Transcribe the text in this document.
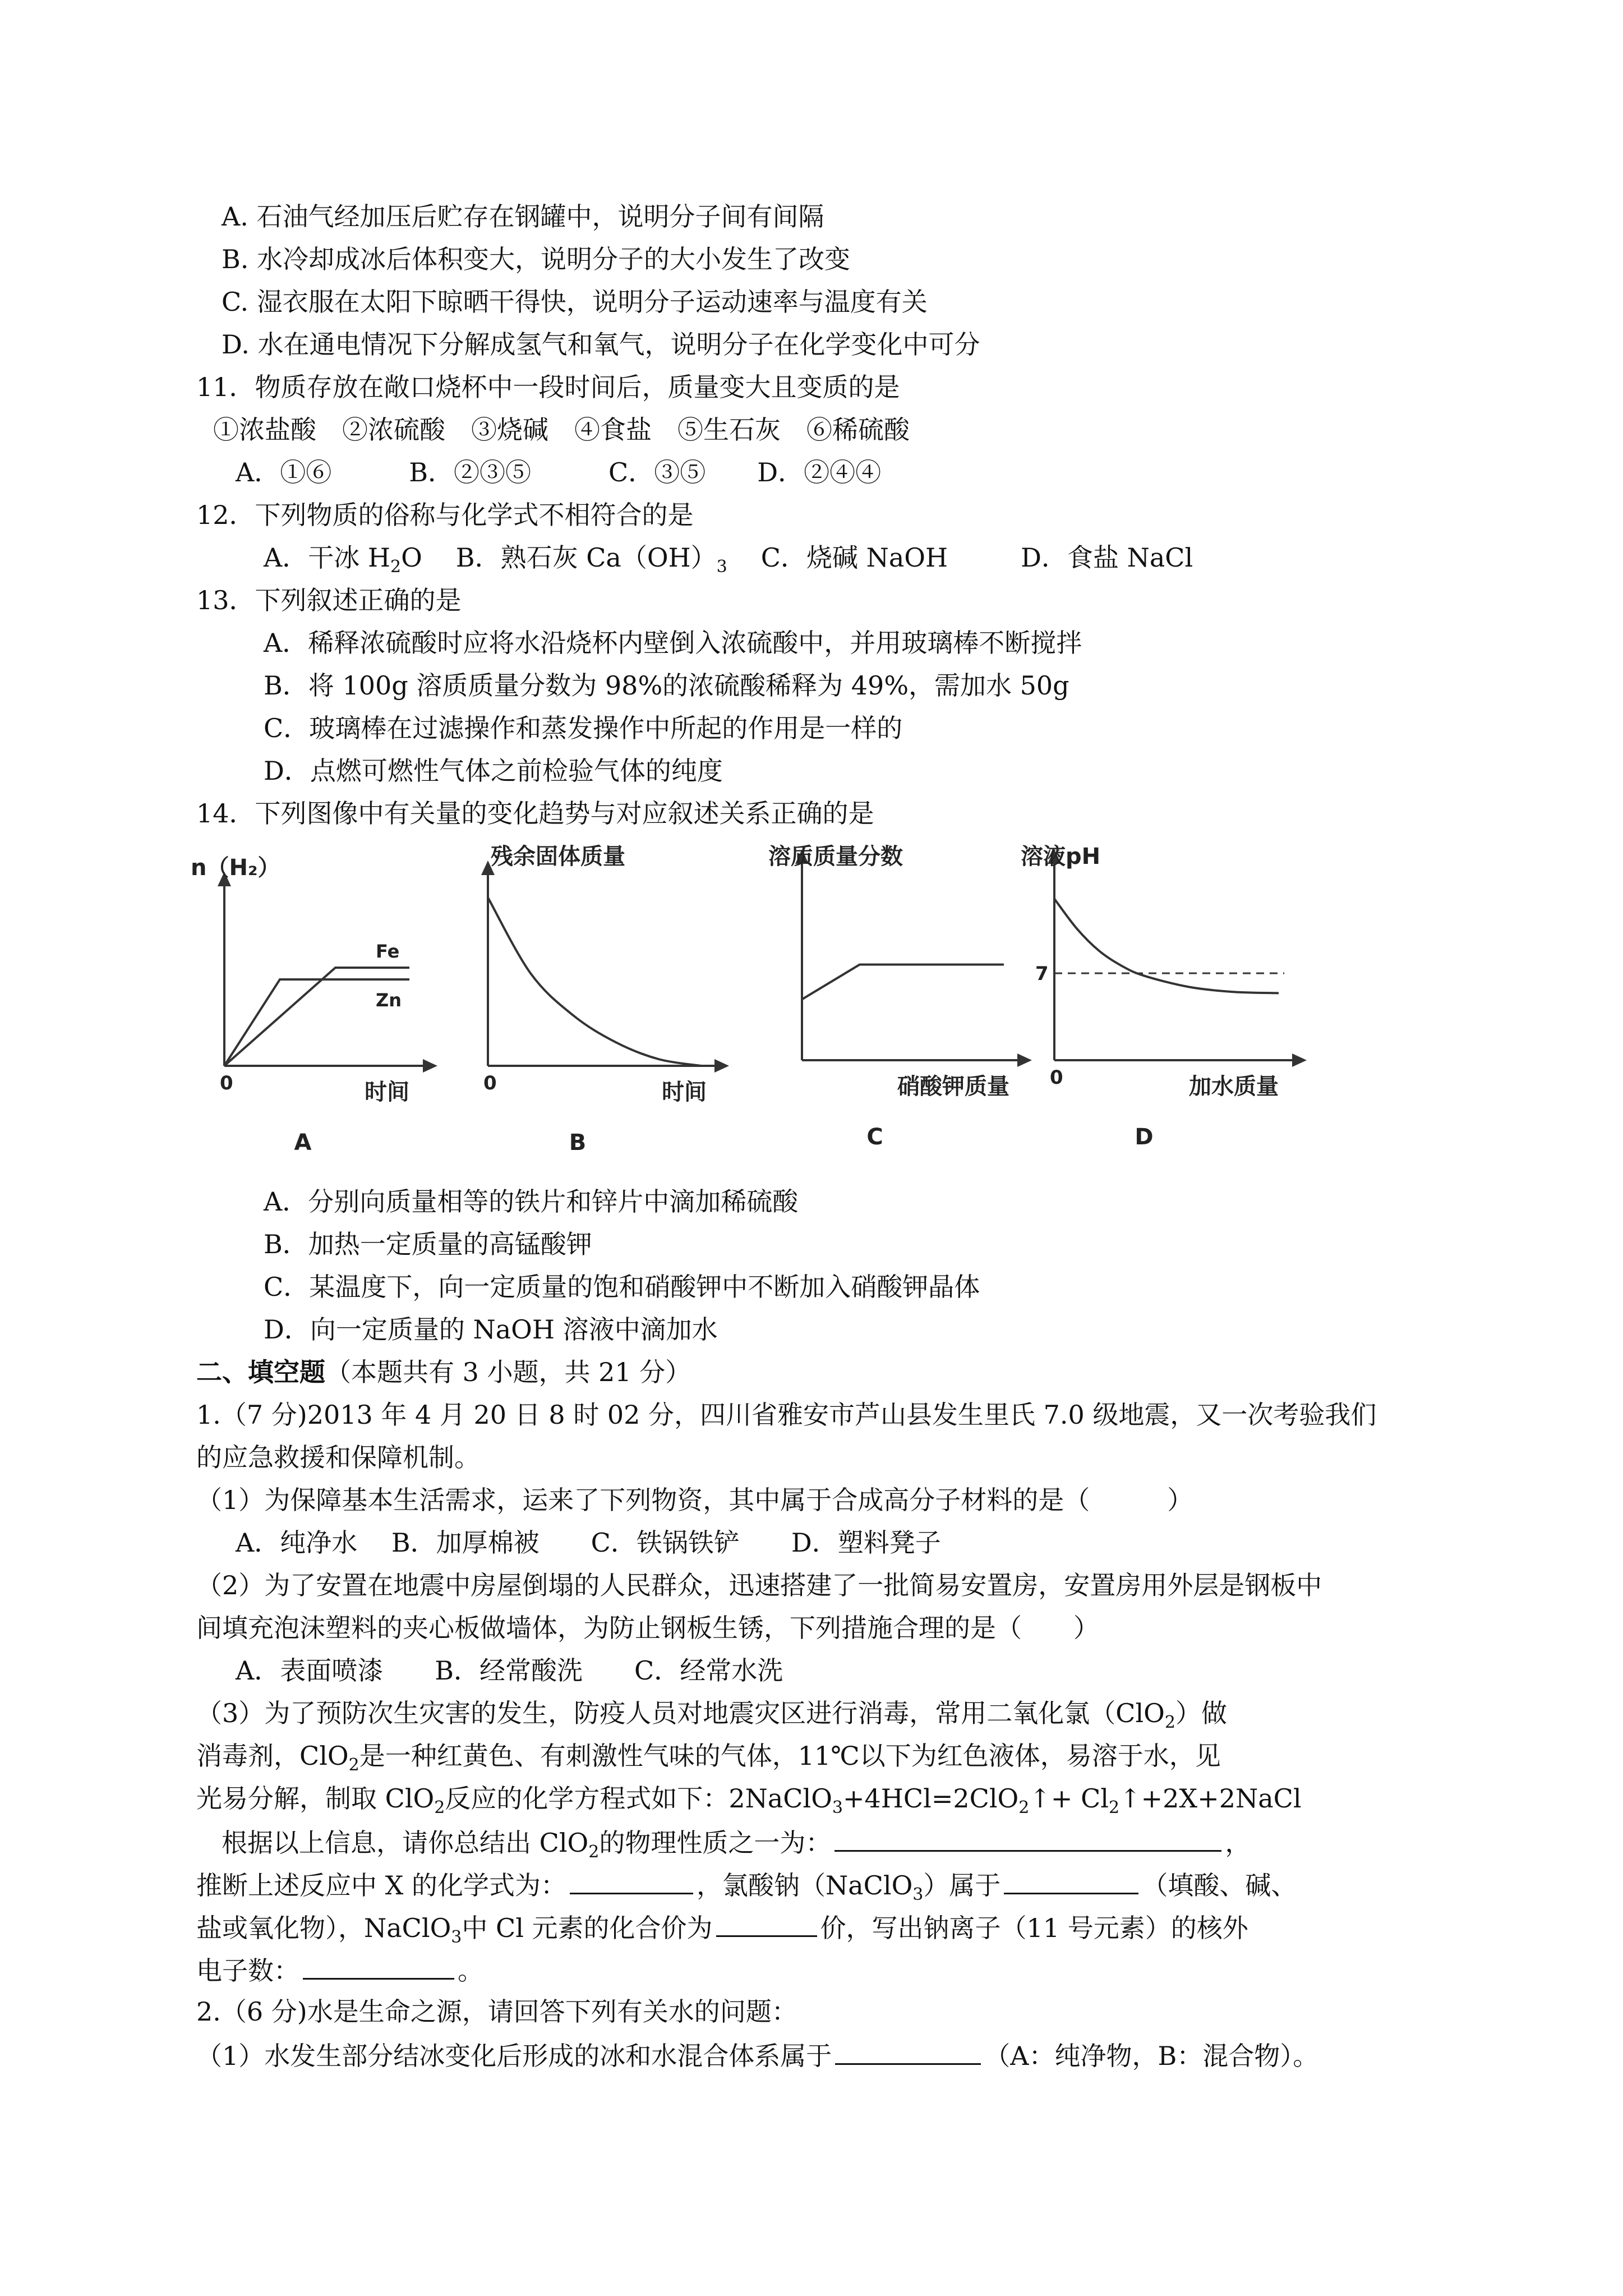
A. 石油气经加压后贮存在钢罐中，说明分子间有间隔
B. 水冷却成冰后体积变大，说明分子的大小发生了改变
C. 湿衣服在太阳下晾晒干得快，说明分子运动速率与温度有关
D. 水在通电情况下分解成氢气和氧气，说明分子在化学变化中可分
11．物质存放在敞口烧杯中一段时间后，质量变大且变质的是
①浓盐酸　②浓硫酸　③烧碱　④食盐　⑤生石灰　⑥稀硫酸
A．①⑥　　　B．②③⑤　　　C．③⑤　　D．②④④
12．下列物质的俗称与化学式不相符合的是
A．干冰 $H_2O$ B．熟石灰 $Ca(OH)_3$ C．烧碱 NaOH	D．食盐 NaCl
13．下列叙述正确的是
A．稀释浓硫酸时应将水沿烧杯内壁倒入浓硫酸中，并用玻璃棒不断搅拌
B．将 100g 溶质质量分数为 98%的浓硫酸稀释为 49%，需加水 50g
C．玻璃棒在过滤操作和蒸发操作中所起的作用是一样的
D．点燃可燃性气体之前检验气体的纯度
14．下列图像中有关量的变化趋势与对应叙述关系正确的是
n（H₂）
时间
0
A
Fe
Zn
残余固体质量
时间
0
B
溶质质量分数
硝酸钾质量
C
溶液pH
加水质量
0
D
7
A．分别向质量相等的铁片和锌片中滴加稀硫酸
B．加热一定质量的高锰酸钾
C．某温度下，向一定质量的饱和硝酸钾中不断加入硝酸钾晶体
D．向一定质量的 NaOH 溶液中滴加水
二、填空题（本题共有 3 小题，共 21 分）
1.（7 分)2013 年 4 月 20 日 8 时 02 分，四川省雅安市芦山县发生里氏 7.0 级地震，又一次考验我们
的应急救援和保障机制。
（1）为保障基本生活需求，运来了下列物资，其中属于合成高分子材料的是（　　　）
A．纯净水　 B．加厚棉被　　C．铁锅铁铲　　D．塑料凳子
（2）为了安置在地震中房屋倒塌的人民群众，迅速搭建了一批简易安置房，安置房用外层是钢板中
间填充泡沫塑料的夹心板做墙体，为防止钢板生锈，下列措施合理的是（　　）
A．表面喷漆　　B．经常酸洗　　C．经常水洗
（3）为了预防次生灾害的发生，防疫人员对地震灾区进行消毒，常用二氧化氯（ClO$_2$）做
消毒剂，ClO$_2$是一种红黄色、有刺激性气味的气体，11℃以下为红色液体，易溶于水，见
光易分解，制取 ClO$_2$反应的化学方程式如下：2NaClO$_3$+4HCl=2ClO$_2$↑+ $Cl_2↑+2X+2NaCl$
根据以上信息，请你总结出 ClO$_2$的物理性质之一为：	，
推断上述反应中 X 的化学式为：	，氯酸钠（NaClO$_3$）属于	（填酸、碱、
盐或氧化物），NaClO$_3$中 Cl 元素的化合价为	价，写出钠离子（11 号元素）的核外
电子数：	。
2.（6 分)水是生命之源，请回答下列有关水的问题：
（1）水发生部分结冰变化后形成的冰和水混合体系属于	（A：纯净物，B：混合物）。
